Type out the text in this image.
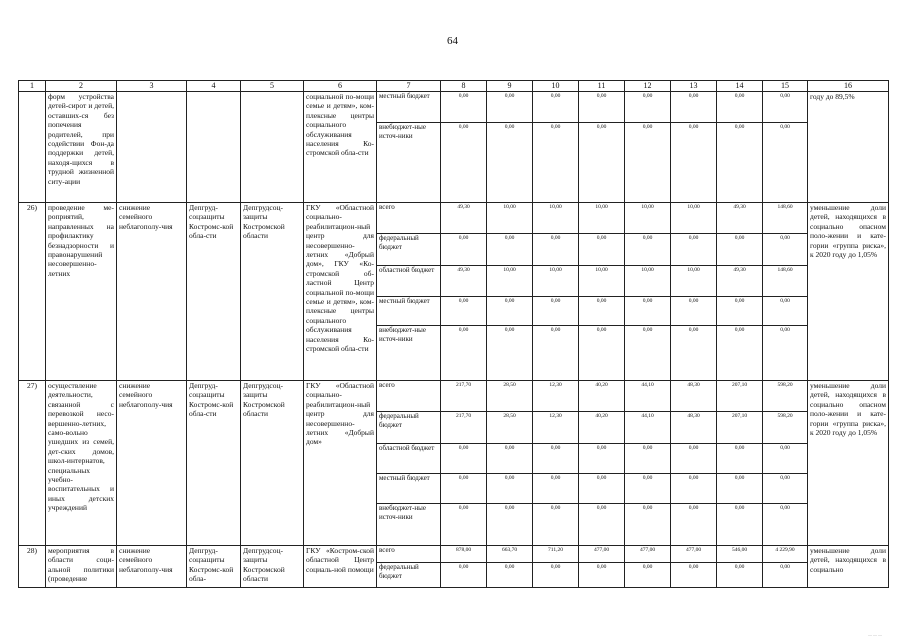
64
1	2	3	4	5	6	7	8	9	10	11	12	13	14	15	16
	форм устройства детей-сирот и детей, оставших-ся без попечения родителей, при содействии Фон-да поддержки детей, находя-щихся в трудной жизненной ситу-ации				социальной по-мощи семье и детям», ком-плексные центры социального обслуживания населения Ко-стромской обла-сти	местный бюджет	0,00	0,00	0,00	0,00	0,00	0,00	0,00	0,00	году до 89,5%
						внебюджет-ные источ-ники	0,00	0,00	0,00	0,00	0,00	0,00	0,00	0,00	
26)	проведение ме-роприятий, направленных на профилактику безнадзорности и правонарушений несовершенно-летних	снижение семейного неблагополу-чия	Депгруд-соцзащиты Костромс-кой обла-сти	Депгрудсоц-защиты Костромской области	ГКУ «Областной социально-реабилитацион-ный центр для несовершенно-летних «Добрый дом», ГКУ «Ко-стромской об-ластной Центр социальной по-мощи семье и детям», ком-плексные центры социального обслуживания населения Ко-стромской обла-сти	всего	49,30	10,00	10,00	10,00	10,00	10,00	49,30	148,60	уменьшение доли детей, находящихся в социально опасном поло-жении и кате-гории «группа риска», к 2020 году до 1,05%
						федеральный бюджет	0,00	0,00	0,00	0,00	0,00	0,00	0,00	0,00	
						областной бюджет	49,30	10,00	10,00	10,00	10,00	10,00	49,30	148,60	
						местный бюджет	0,00	0,00	0,00	0,00	0,00	0,00	0,00	0,00	
						внебюджет-ные источ-ники	0,00	0,00	0,00	0,00	0,00	0,00	0,00	0,00	
27)	осуществление деятельности, связанной с перевозкой несо-вершенно-летних, само-вольно ушедших из семей, дет-ских домов, школ-интернатов, специальных учебно-воспитательных и иных детских учреждений	снижение семейного неблагополу-чия	Депгруд-соцзащиты Костромс-кой обла-сти	Депгрудсоц-защиты Костромской области	ГКУ «Областной социально-реабилитацион-ный центр для несовершенно-летних «Добрый дом»	всего	217,70	28,50	12,30	40,20	44,10	48,30	207,10	598,20	уменьшение доли детей, находящихся в социально опасном поло-жении и кате-гории «группа риска», к 2020 году до 1,05%
						федеральный бюджет	217,70	28,50	12,30	40,20	44,10	48,30	207,10	598,20	
						областной бюджет	0,00	0,00	0,00	0,00	0,00	0,00	0,00	0,00	
						местный бюджет	0,00	0,00	0,00	0,00	0,00	0,00	0,00	0,00	
						внебюджет-ные источ-ники	0,00	0,00	0,00	0,00	0,00	0,00	0,00	0,00	
28)	мероприятия в области соци-альной политики (проведение	снижение семейного неблагополу-чия	Депгруд-соцзащиты Костромс-кой обла-	Депгрудсоц-защиты Костромской области	ГКУ «Костром-ской областной Центр социаль-ной помощи	всего	878,00	663,70	711,20	477,00	477,00	477,00	546,00	4 229,90	уменьшение доли детей, находящихся в социально
						федеральный бюджет	0,00	0,00	0,00	0,00	0,00	0,00	0,00	0,00	
— — —
